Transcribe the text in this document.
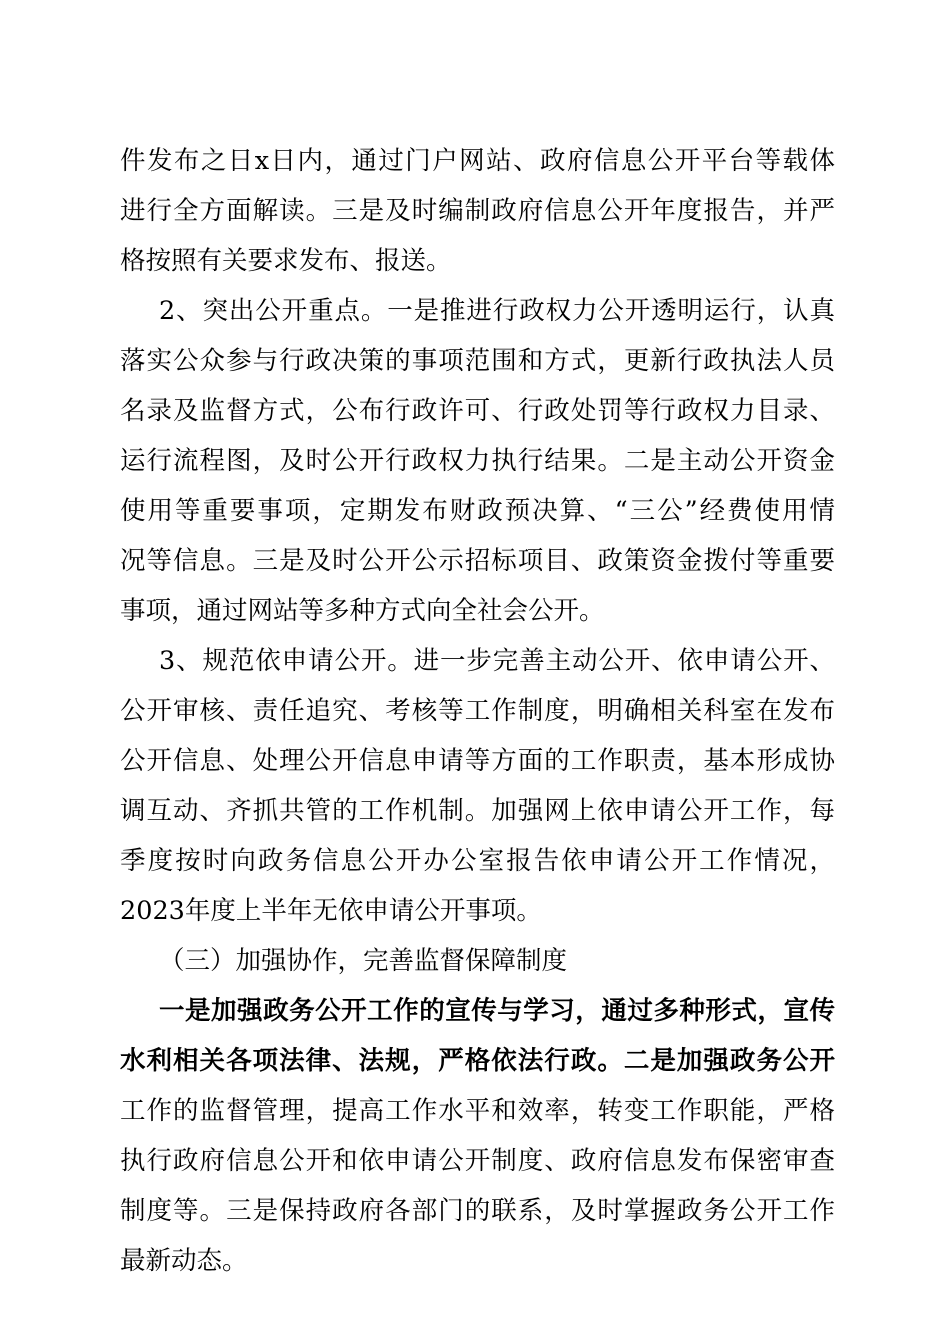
件发布之日x日内，通过门户网站、政府信息公开平台等载体
进行全方面解读。三是及时编制政府信息公开年度报告，并严
格按照有关要求发布、报送。
2、突出公开重点。一是推进行政权力公开透明运行，认真
落实公众参与行政决策的事项范围和方式，更新行政执法人员
名录及监督方式，公布行政许可、行政处罚等行政权力目录、
运行流程图，及时公开行政权力执行结果。二是主动公开资金
使用等重要事项，定期发布财政预决算、“三公”经费使用情
况等信息。三是及时公开公示招标项目、政策资金拨付等重要
事项，通过网站等多种方式向全社会公开。
3、规范依申请公开。进一步完善主动公开、依申请公开、
公开审核、责任追究、考核等工作制度，明确相关科室在发布
公开信息、处理公开信息申请等方面的工作职责，基本形成协
调互动、齐抓共管的工作机制。加强网上依申请公开工作，每
季度按时向政务信息公开办公室报告依申请公开工作情况，
2023年度上半年无依申请公开事项。
（三）加强协作，完善监督保障制度
一是加强政务公开工作的宣传与学习，通过多种形式，宣传
水利相关各项法律、法规，严格依法行政。二是加强政务公开
工作的监督管理，提高工作水平和效率，转变工作职能，严格
执行政府信息公开和依申请公开制度、政府信息发布保密审查
制度等。三是保持政府各部门的联系，及时掌握政务公开工作
最新动态。
